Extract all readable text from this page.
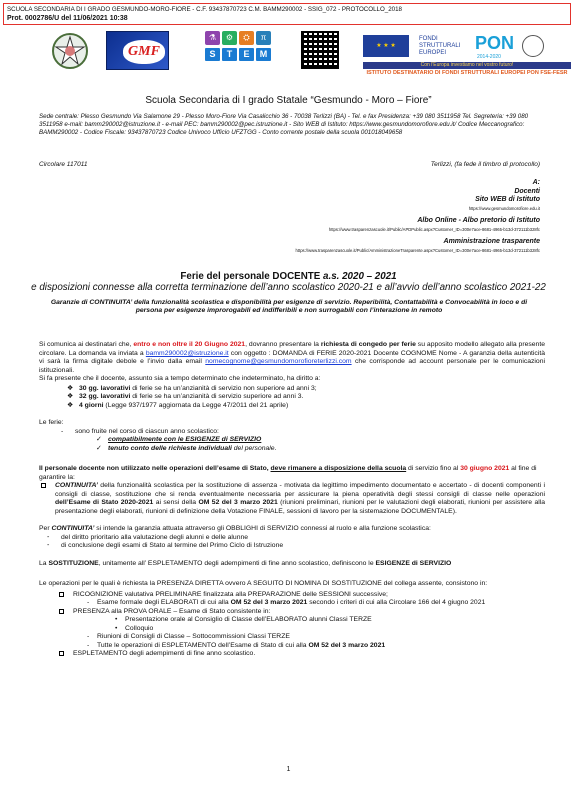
SCUOLA SECONDARIA DI I GRADO GESMUNDO-MORO-FIORE - C.F. 93437870723 C.M. BAMM290002 - SSIG_072 - PROTOCOLLO_2018
Prot. 0002786/U del 11/06/2021 10:38
GMF
⚗	⚙	⛭	π
S	T	E	M
★ ★ ★
FONDI STRUTTURALI EUROPEI	PON
2014-2020
Con l'Europa investiamo nel vostro futuro!
ISTITUTO DESTINATARIO DI FONDI STRUTTURALI EUROPEI PON FSE-FESR
Scuola Secondaria di I grado Statale “Gesmundo - Moro – Fiore”
Sede centrale: Plesso Gesmundo Via Salamone 29 - Plesso Moro-Fiore Via Casalicchio 36 - 70038 Terlizzi (BA) - Tel. e fax Presidenza: +39 080 3511958 Tel. Segreteria: +39 080 3511958 e-mail: bamm290002@istruzione.it - e-mail PEC: bamm290002@pec.istruzione.it - Sito WEB di Istituto: https://www.gesmundomorofiore.edu.it/ Codice Meccanografico: BAMM290002 - Codice Fiscale: 93437870723 Codice Univoco Ufficio UFZTGG - Conto corrente postale della scuola 001018049658
Circolare 117011	Terlizzi, (fa fede il timbro di protocollo)
A:
Docenti
Sito WEB di Istituto
https://www.gesmundomorofiore.edu.it
Albo Online - Albo pretorio di Istituto
https://www.trasparenzascuole.it/Public/APDPublic.aspx?Customer_ID=300e7ace-8681-4965-b13d-372111b328fc
Amministrazione trasparente
https://www.trasparenzascuole.it/Public/AmministrazioneTrasparente.aspx?Customer_ID=300e7ace-8681-4965-b13d-372111b328fc
Ferie del personale DOCENTE a.s. 2020 – 2021
e disposizioni connesse alla corretta terminazione dell’anno scolastico 2020-21 e all’avvio dell’anno scolastico 2021-22
Garanzie di CONTINUITA’ della funzionalità scolastica e disponibilità per esigenze di servizio. Reperibilità, Contattabilità e Convocabilità in loco e di persona per esigenze improrogabili ed indifferibili e non surrogabili con l’interazione in remoto

Si comunica ai destinatari che, entro e non oltre il 20 Giugno 2021, dovranno presentare la richiesta di congedo per ferie su apposito modello allegato alla presente circolare. La domanda va inviata a bamm290002@istruzione.it con oggetto : DOMANDA di FERIE 2020-2021 Docente COGNOME Nome - A garanzia della autenticità vi sarà la firma digitale debole e l’invio dalla email nomecognome@gesmundomorofioreterlizzi.com che corrisponde ad account personale per le comunicazioni istituzionali.

Si fa presente che il docente, assunto sia a tempo determinato che indeterminato, ha diritto a:

❖ 30 gg. lavorativi di ferie se ha un’anzianità di servizio non superiore ad anni 3;
❖ 32 gg. lavorativi di ferie se ha un’anzianità di servizio superiore ad anni 3.
❖ 4 giorni (Legge 937/1977 aggiornata da Legge 47/2011 del 21 aprile)

Le ferie:

- sono fruite nel corso di ciascun anno scolastico:

✓ compatibilmente con le ESIGENZE di SERVIZIO
✓ tenuto conto delle richieste individuali del personale.

Il personale docente non utilizzato nelle operazioni dell’esame di Stato, deve rimanere a disposizione della scuola di servizio fino al 30 giugno 2021 al fine di garantire la:

CONTINUITA’ della funzionalità scolastica per la sostituzione di assenza - motivata da legittimo impedimento documentato e accertato - di docenti componenti i consigli di classe, sostituzione che si renda eventualmente necessaria per assicurare la piena operatività degli stessi consigli di classe nelle operazioni dell’Esame di Stato 2020-2021 ai sensi della OM 52 del 3 marzo 2021 (riunioni preliminari, riunioni per le valutazioni degli elaborati, riunioni per assistere alla presentazione degli elaborati, riunioni di definizione della Votazione FINALE, sessioni di lavoro per la sistemazione DOCUMENTALE).

Per CONTINUITA’ si intende la garanzia attuata attraverso gli OBBLIGHI di SERVIZIO connessi al ruolo e alla funzione scolastica:

- del diritto prioritario alla valutazione degli alunni e delle alunne
- di conclusione degli esami di Stato al termine del Primo Ciclo di Istruzione

La SOSTITUZIONE, unitamente all’ ESPLETAMENTO degli adempimenti di fine anno scolastico, definiscono le ESIGENZE di SERVIZIO

Le operazioni per le quali è richiesta la PRESENZA DIRETTA ovvero A SEGUITO DI NOMINA DI SOSTITUZIONE del collega assente, consistono in:

RICOGNIZIONE valutativa PRELIMINARE finalizzata alla PREPARAZIONE delle SESSIONI successive;
- Esame formale degli ELABORATI di cui alla OM 52 del 3 marzo 2021 secondo i criteri di cui alla Circolare 166 del 4 giugno 2021
PRESENZA alla PROVA ORALE – Esame di Stato consistente in:
• Presentazione orale al Consiglio di Classe dell’ELABORATO alunni Classi TERZE
• Colloquio
- Riunioni di Consigli di Classe – Sottocommissioni Classi TERZE
- Tutte le operazioni di ESPLETAMENTO dell’Esame di Stato di cui alla OM 52 del 3 marzo 2021
ESPLETAMENTO degli adempimenti di fine anno scolastico.
1
